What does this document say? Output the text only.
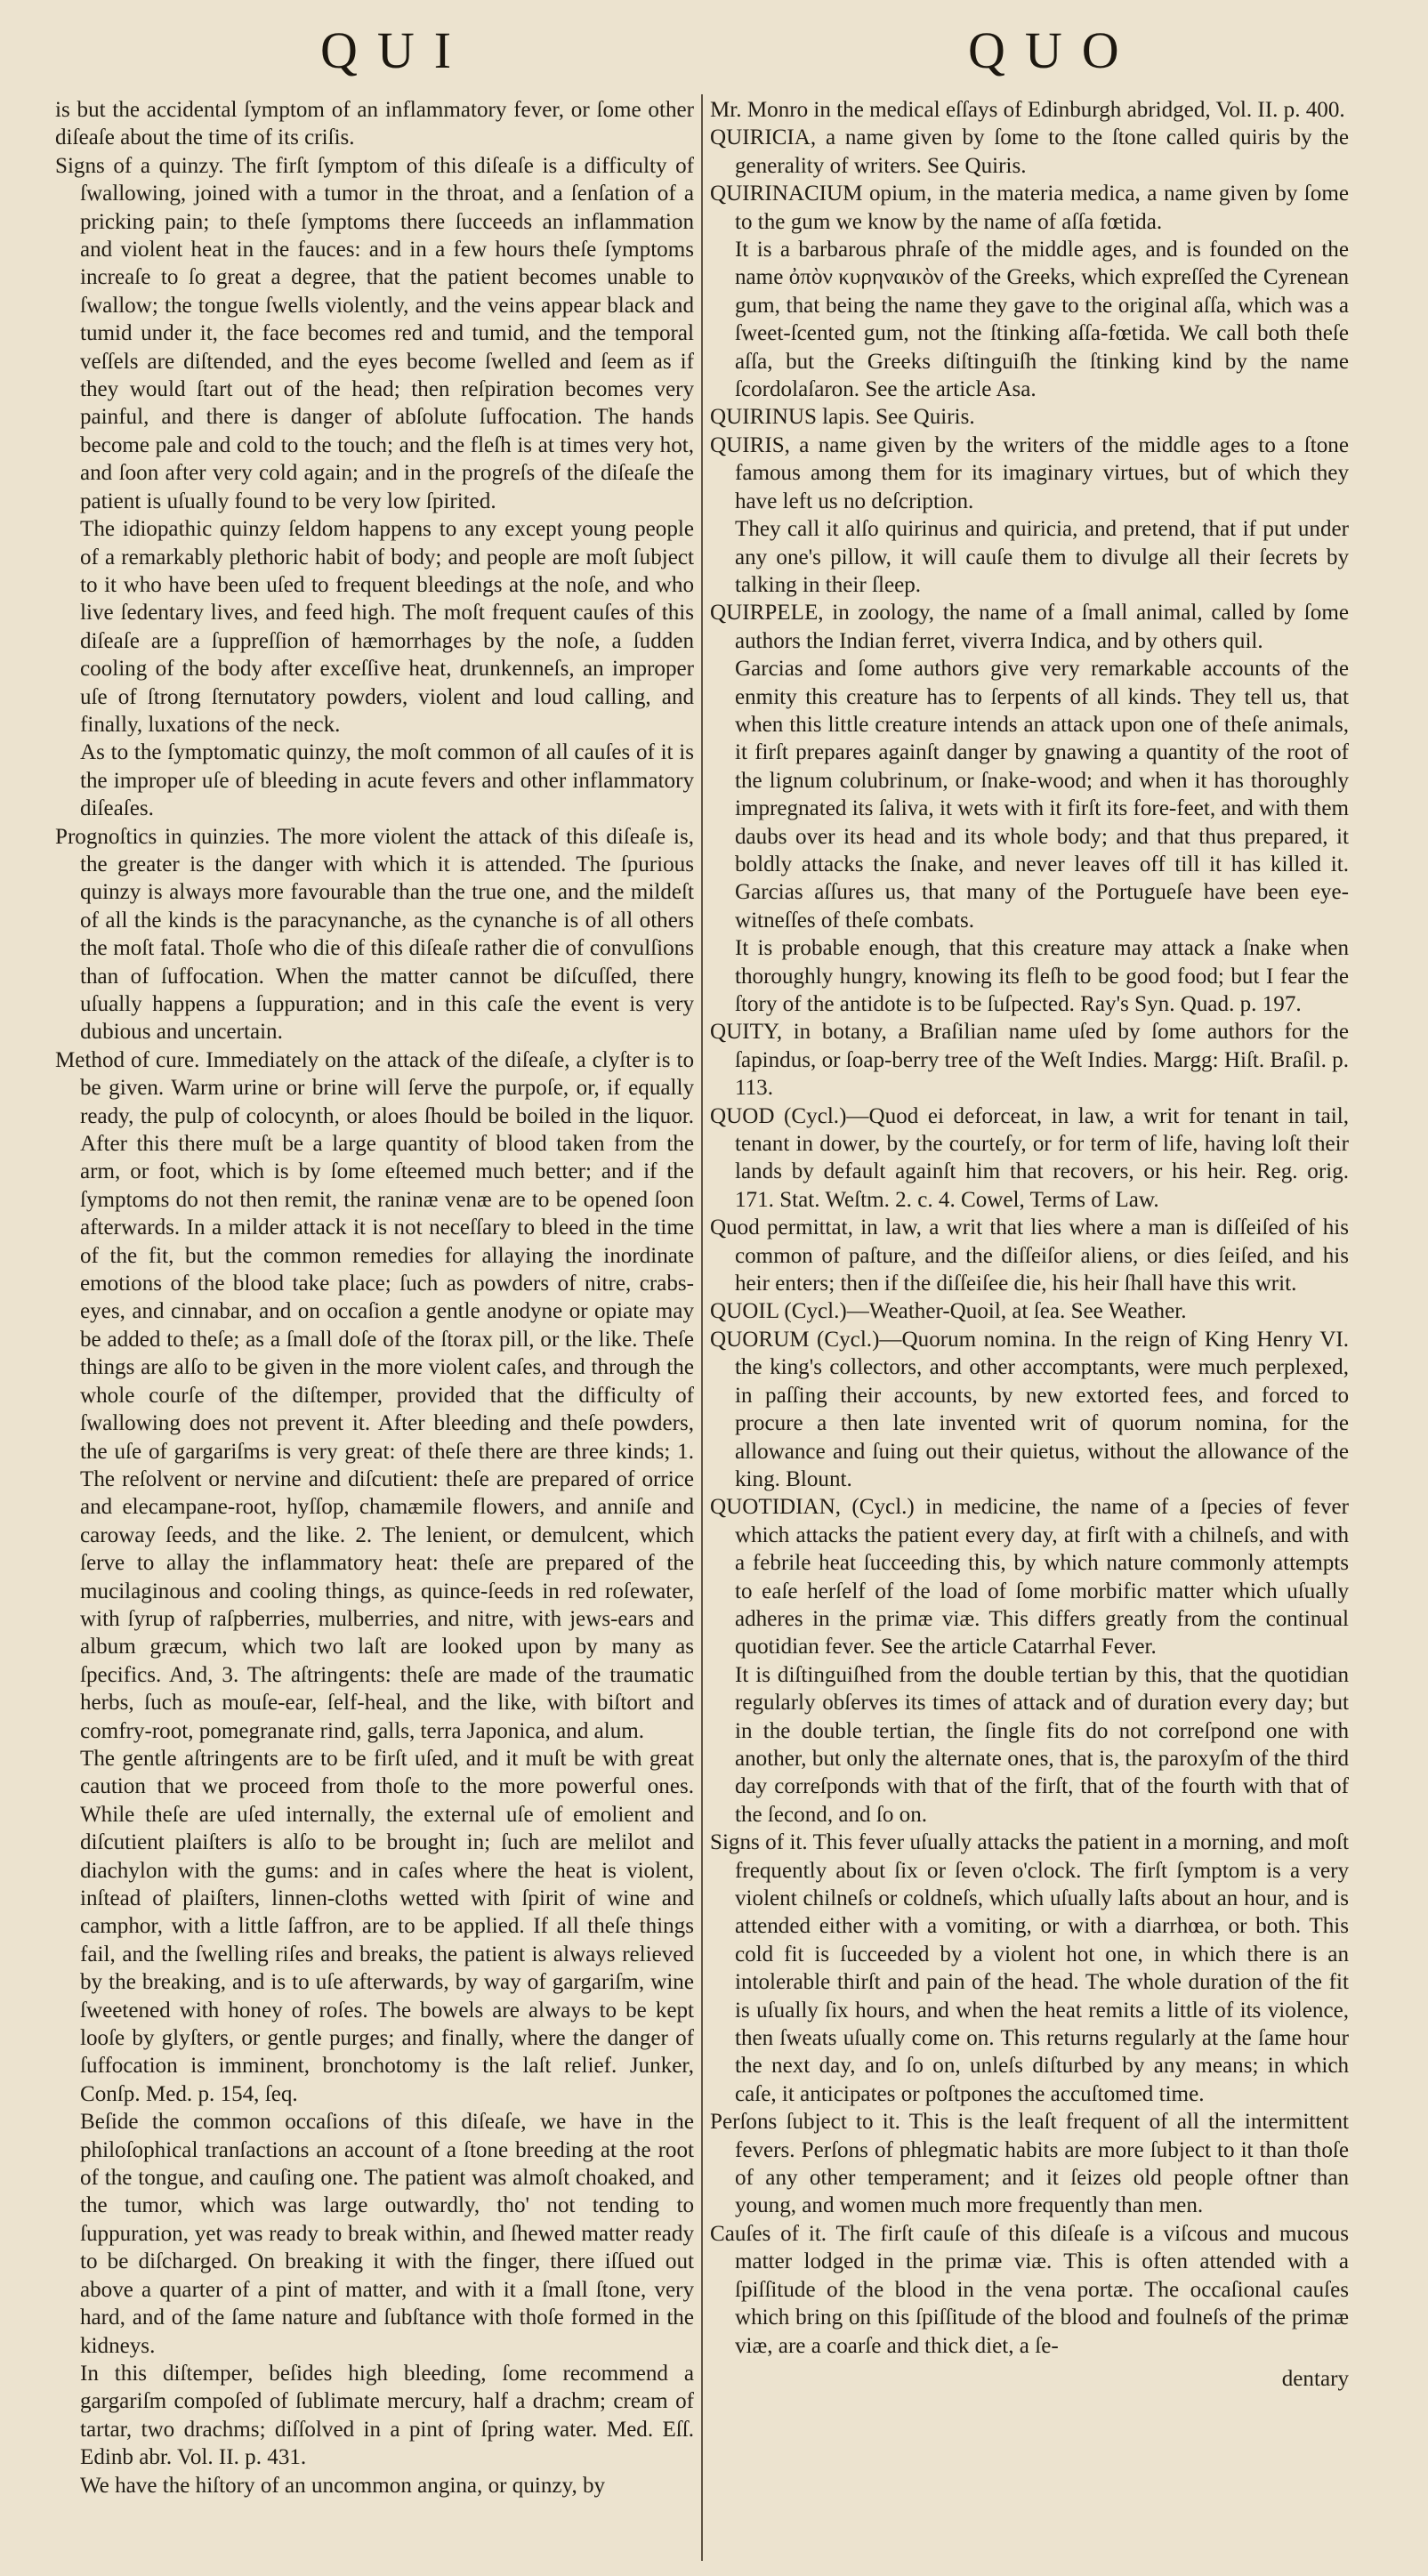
QUI	QUO

is but the accidental ſymptom of an inflammatory fever, or ſome other diſeaſe about the time of its criſis.

Signs of a quinzy. The firſt ſymptom of this diſeaſe is a difficulty of ſwallowing, joined with a tumor in the throat, and a ſenſation of a pricking pain; to theſe ſymptoms there ſucceeds an inflammation and violent heat in the fauces: and in a few hours theſe ſymptoms increaſe to ſo great a degree, that the patient becomes unable to ſwallow; the tongue ſwells violently, and the veins appear black and tumid under it, the face becomes red and tumid, and the temporal veſſels are diſtended, and the eyes become ſwelled and ſeem as if they would ſtart out of the head; then reſpiration becomes very painful, and there is danger of abſolute ſuffocation. The hands become pale and cold to the touch; and the fleſh is at times very hot, and ſoon after very cold again; and in the progreſs of the diſeaſe the patient is uſually found to be very low ſpirited.

The idiopathic quinzy ſeldom happens to any except young people of a remarkably plethoric habit of body; and people are moſt ſubject to it who have been uſed to frequent bleedings at the noſe, and who live ſedentary lives, and feed high. The moſt frequent cauſes of this diſeaſe are a ſuppreſſion of hæmorrhages by the noſe, a ſudden cooling of the body after exceſſive heat, drunkenneſs, an improper uſe of ſtrong ſternutatory powders, violent and loud calling, and finally, luxations of the neck.

As to the ſymptomatic quinzy, the moſt common of all cauſes of it is the improper uſe of bleeding in acute fevers and other inflammatory diſeaſes.

Prognoſtics in quinzies. The more violent the attack of this diſeaſe is, the greater is the danger with which it is attended. The ſpurious quinzy is always more favourable than the true one, and the mildeſt of all the kinds is the paracynanche, as the cynanche is of all others the moſt fatal. Thoſe who die of this diſeaſe rather die of convulſions than of ſuffocation. When the matter cannot be diſcuſſed, there uſually happens a ſuppuration; and in this caſe the event is very dubious and uncertain.

Method of cure. Immediately on the attack of the diſeaſe, a clyſter is to be given. Warm urine or brine will ſerve the purpoſe, or, if equally ready, the pulp of colocynth, or aloes ſhould be boiled in the liquor. After this there muſt be a large quantity of blood taken from the arm, or foot, which is by ſome eſteemed much better; and if the ſymptoms do not then remit, the raninæ venæ are to be opened ſoon afterwards. In a milder attack it is not neceſſary to bleed in the time of the fit, but the common remedies for allaying the inordinate emotions of the blood take place; ſuch as powders of nitre, crabs-eyes, and cinnabar, and on occaſion a gentle anodyne or opiate may be added to theſe; as a ſmall doſe of the ſtorax pill, or the like. Theſe things are alſo to be given in the more violent caſes, and through the whole courſe of the diſtemper, provided that the difficulty of ſwallowing does not prevent it. After bleeding and theſe powders, the uſe of gargariſms is very great: of theſe there are three kinds; 1. The reſolvent or nervine and diſcutient: theſe are prepared of orrice and elecampane-root, hyſſop, chamæmile flowers, and anniſe and caroway ſeeds, and the like. 2. The lenient, or demulcent, which ſerve to allay the inflammatory heat: theſe are prepared of the mucilaginous and cooling things, as quince-ſeeds in red roſewater, with ſyrup of raſpberries, mulberries, and nitre, with jews-ears and album græcum, which two laſt are looked upon by many as ſpecifics. And, 3. The aſtringents: theſe are made of the traumatic herbs, ſuch as mouſe-ear, ſelf-heal, and the like, with biſtort and comfry-root, pomegranate rind, galls, terra Japonica, and alum.

The gentle aſtringents are to be firſt uſed, and it muſt be with great caution that we proceed from thoſe to the more powerful ones. While theſe are uſed internally, the external uſe of emolient and diſcutient plaiſters is alſo to be brought in; ſuch are melilot and diachylon with the gums: and in caſes where the heat is violent, inſtead of plaiſters, linnen-cloths wetted with ſpirit of wine and camphor, with a little ſaffron, are to be applied. If all theſe things fail, and the ſwelling riſes and breaks, the patient is always relieved by the breaking, and is to uſe afterwards, by way of gargariſm, wine ſweetened with honey of roſes. The bowels are always to be kept looſe by glyſters, or gentle purges; and finally, where the danger of ſuffocation is imminent, bronchotomy is the laſt relief. Junker, Conſp. Med. p. 154, ſeq.

Beſide the common occaſions of this diſeaſe, we have in the philoſophical tranſactions an account of a ſtone breeding at the root of the tongue, and cauſing one. The patient was almoſt choaked, and the tumor, which was large outwardly, tho' not tending to ſuppuration, yet was ready to break within, and ſhewed matter ready to be diſcharged. On breaking it with the finger, there iſſued out above a quarter of a pint of matter, and with it a ſmall ſtone, very hard, and of the ſame nature and ſubſtance with thoſe formed in the kidneys.

In this diſtemper, beſides high bleeding, ſome recommend a gargariſm compoſed of ſublimate mercury, half a drachm; cream of tartar, two drachms; diſſolved in a pint of ſpring water. Med. Eſſ. Edinb abr. Vol. II. p. 431.

We have the hiſtory of an uncommon angina, or quinzy, by

Mr. Monro in the medical eſſays of Edinburgh abridged, Vol. II. p. 400.

QUIRICIA, a name given by ſome to the ſtone called quiris by the generality of writers. See Quiris.

QUIRINACIUM opium, in the materia medica, a name given by ſome to the gum we know by the name of aſſa fœtida.

It is a barbarous phraſe of the middle ages, and is founded on the name ὀπὸν κυρηναικὸν of the Greeks, which expreſſed the Cyrenean gum, that being the name they gave to the original aſſa, which was a ſweet-ſcented gum, not the ſtinking aſſa-fœtida. We call both theſe aſſa, but the Greeks diſtinguiſh the ſtinking kind by the name ſcordolaſaron. See the article Asa.

QUIRINUS lapis. See Quiris.

QUIRIS, a name given by the writers of the middle ages to a ſtone famous among them for its imaginary virtues, but of which they have left us no deſcription.

They call it alſo quirinus and quiricia, and pretend, that if put under any one's pillow, it will cauſe them to divulge all their ſecrets by talking in their ſleep.

QUIRPELE, in zoology, the name of a ſmall animal, called by ſome authors the Indian ferret, viverra Indica, and by others quil.

Garcias and ſome authors give very remarkable accounts of the enmity this creature has to ſerpents of all kinds. They tell us, that when this little creature intends an attack upon one of theſe animals, it firſt prepares againſt danger by gnawing a quantity of the root of the lignum colubrinum, or ſnake-wood; and when it has thoroughly impregnated its ſaliva, it wets with it firſt its fore-feet, and with them daubs over its head and its whole body; and that thus prepared, it boldly attacks the ſnake, and never leaves off till it has killed it. Garcias aſſures us, that many of the Portugueſe have been eye-witneſſes of theſe combats.

It is probable enough, that this creature may attack a ſnake when thoroughly hungry, knowing its fleſh to be good food; but I fear the ſtory of the antidote is to be ſuſpected. Ray's Syn. Quad. p. 197.

QUITY, in botany, a Braſilian name uſed by ſome authors for the ſapindus, or ſoap-berry tree of the Weſt Indies. Margg: Hiſt. Braſil. p. 113.

QUOD (Cycl.)—Quod ei deforceat, in law, a writ for tenant in tail, tenant in dower, by the courteſy, or for term of life, having loſt their lands by default againſt him that recovers, or his heir. Reg. orig. 171. Stat. Weſtm. 2. c. 4. Cowel, Terms of Law.

Quod permittat, in law, a writ that lies where a man is diſſeiſed of his common of paſture, and the diſſeiſor aliens, or dies ſeiſed, and his heir enters; then if the diſſeiſee die, his heir ſhall have this writ.

QUOIL (Cycl.)—Weather-Quoil, at ſea. See Weather.

QUORUM (Cycl.)—Quorum nomina. In the reign of King Henry VI. the king's collectors, and other accomptants, were much perplexed, in paſſing their accounts, by new extorted fees, and forced to procure a then late invented writ of quorum nomina, for the allowance and ſuing out their quietus, without the allowance of the king. Blount.

QUOTIDIAN, (Cycl.) in medicine, the name of a ſpecies of fever which attacks the patient every day, at firſt with a chilneſs, and with a febrile heat ſucceeding this, by which nature commonly attempts to eaſe herſelf of the load of ſome morbific matter which uſually adheres in the primæ viæ. This differs greatly from the continual quotidian fever. See the article Catarrhal Fever.

It is diſtinguiſhed from the double tertian by this, that the quotidian regularly obſerves its times of attack and of duration every day; but in the double tertian, the ſingle fits do not correſpond one with another, but only the alternate ones, that is, the paroxyſm of the third day correſponds with that of the firſt, that of the fourth with that of the ſecond, and ſo on.

Signs of it. This fever uſually attacks the patient in a morning, and moſt frequently about ſix or ſeven o'clock. The firſt ſymptom is a very violent chilneſs or coldneſs, which uſually laſts about an hour, and is attended either with a vomiting, or with a diarrhœa, or both. This cold fit is ſucceeded by a violent hot one, in which there is an intolerable thirſt and pain of the head. The whole duration of the fit is uſually ſix hours, and when the heat remits a little of its violence, then ſweats uſually come on. This returns regularly at the ſame hour the next day, and ſo on, unleſs diſturbed by any means; in which caſe, it anticipates or poſtpones the accuſtomed time.

Perſons ſubject to it. This is the leaſt frequent of all the intermittent fevers. Perſons of phlegmatic habits are more ſubject to it than thoſe of any other temperament; and it ſeizes old people oftner than young, and women much more frequently than men.

Cauſes of it. The firſt cauſe of this diſeaſe is a viſcous and mucous matter lodged in the primæ viæ. This is often attended with a ſpiſſitude of the blood in the vena portæ. The occaſional cauſes which bring on this ſpiſſitude of the blood and foulneſs of the primæ viæ, are a coarſe and thick diet, a ſe-

dentary
